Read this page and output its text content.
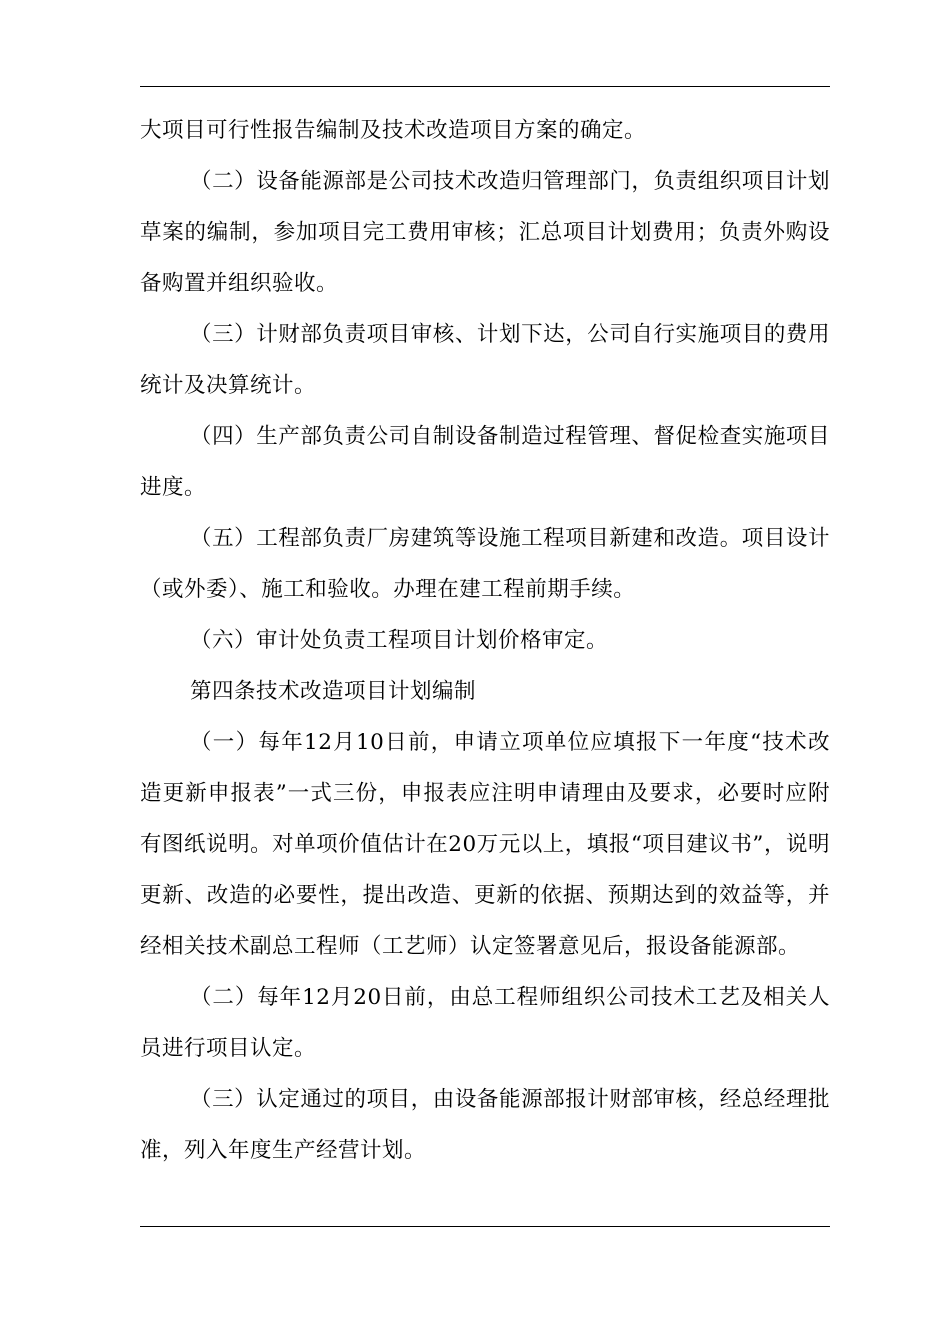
大项目可行性报告编制及技术改造项目方案的确定。

（二）设备能源部是公司技术改造归管理部门，负责组织项目计划草案的编制，参加项目完工费用审核；汇总项目计划费用；负责外购设备购置并组织验收。

（三）计财部负责项目审核、计划下达，公司自行实施项目的费用统计及决算统计。

（四）生产部负责公司自制设备制造过程管理、督促检查实施项目进度。

（五）工程部负责厂房建筑等设施工程项目新建和改造。项目设计（或外委）、施工和验收。办理在建工程前期手续。

（六）审计处负责工程项目计划价格审定。

第四条技术改造项目计划编制

（一）每年12月10日前，申请立项单位应填报下一年度“技术改造更新申报表”一式三份，申报表应注明申请理由及要求，必要时应附有图纸说明。对单项价值估计在20万元以上，填报“项目建议书”，说明更新、改造的必要性，提出改造、更新的依据、预期达到的效益等，并经相关技术副总工程师（工艺师）认定签署意见后，报设备能源部。

（二）每年12月20日前，由总工程师组织公司技术工艺及相关人员进行项目认定。

（三）认定通过的项目，由设备能源部报计财部审核，经总经理批准，列入年度生产经营计划。
